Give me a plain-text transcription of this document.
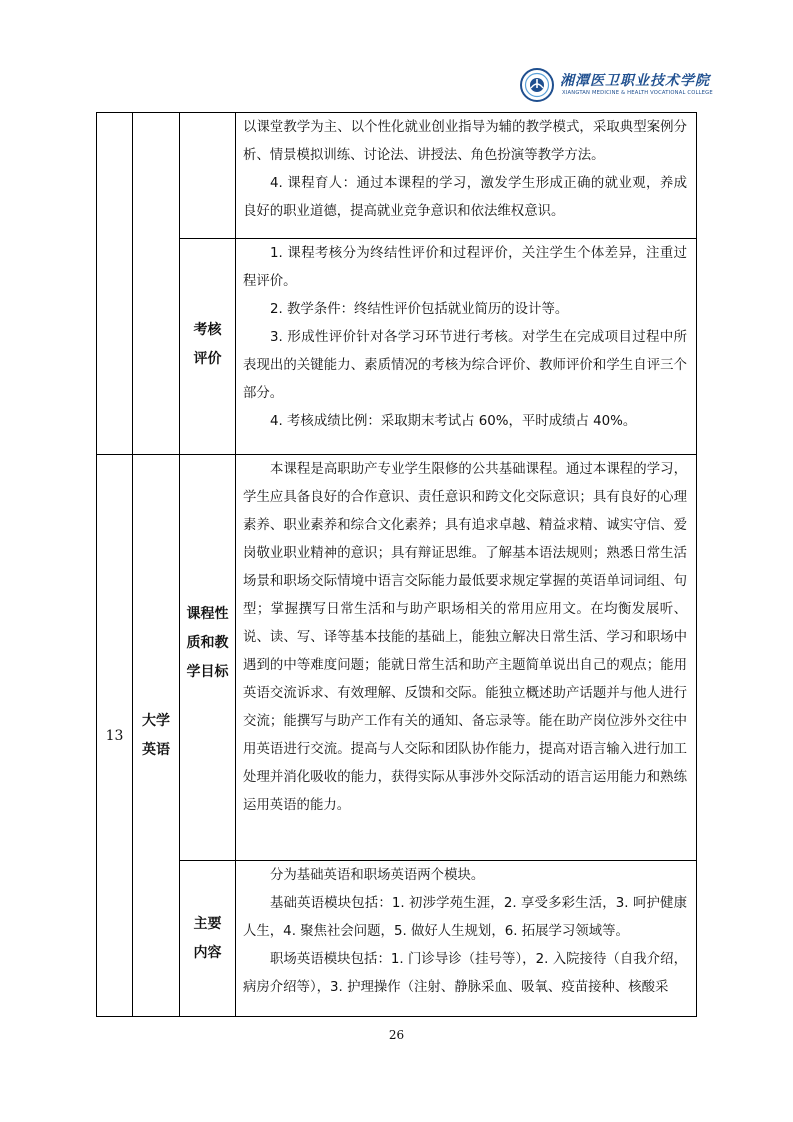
湘潭医卫职业技术学院
XIANGTAN MEDICINE & HEALTH VOCATIONAL COLLEGE

以课堂教学为主、以个性化就业创业指导为辅的教学模式，采取典型案例分析、情景模拟训练、讨论法、讲授法、角色扮演等教学方法。

4. 课程育人：通过本课程的学习，激发学生形成正确的就业观，养成良好的职业道德，提高就业竞争意识和依法维权意识。

考核
评价

1. 课程考核分为终结性评价和过程评价，关注学生个体差异，注重过程评价。

2. 教学条件：终结性评价包括就业简历的设计等。

3. 形成性评价针对各学习环节进行考核。对学生在完成项目过程中所表现出的关键能力、素质情况的考核为综合评价、教师评价和学生自评三个部分。

4. 考核成绩比例：采取期末考试占 60%，平时成绩占 40%。

13
大学
英语
课程性
质和教
学目标

本课程是高职助产专业学生限修的公共基础课程。通过本课程的学习，学生应具备良好的合作意识、责任意识和跨文化交际意识；具有良好的心理素养、职业素养和综合文化素养；具有追求卓越、精益求精、诚实守信、爱岗敬业职业精神的意识；具有辩证思维。了解基本语法规则；熟悉日常生活场景和职场交际情境中语言交际能力最低要求规定掌握的英语单词词组、句型；掌握撰写日常生活和与助产职场相关的常用应用文。在均衡发展听、说、读、写、译等基本技能的基础上，能独立解决日常生活、学习和职场中遇到的中等难度问题；能就日常生活和助产主题简单说出自己的观点；能用英语交流诉求、有效理解、反馈和交际。能独立概述助产话题并与他人进行交流；能撰写与助产工作有关的通知、备忘录等。能在助产岗位涉外交往中用英语进行交流。提高与人交际和团队协作能力，提高对语言输入进行加工处理并消化吸收的能力，获得实际从事涉外交际活动的语言运用能力和熟练运用英语的能力。

主要
内容

分为基础英语和职场英语两个模块。

基础英语模块包括：1. 初涉学苑生涯，2. 享受多彩生活，3. 呵护健康人生，4. 聚焦社会问题，5. 做好人生规划，6. 拓展学习领域等。

职场英语模块包括：1. 门诊导诊（挂号等），2. 入院接待（自我介绍，病房介绍等），3. 护理操作（注射、静脉采血、吸氧、疫苗接种、核酸采

26
